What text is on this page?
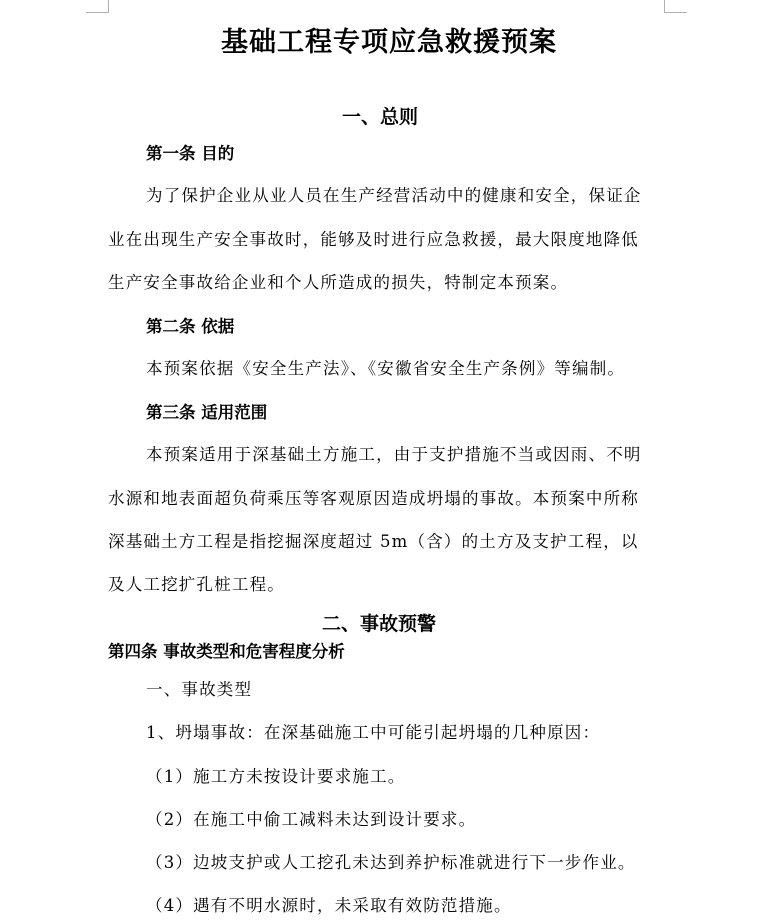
基础工程专项应急救援预案
一、总则
第一条 目的
为了保护企业从业人员在生产经营活动中的健康和安全，保证企
业在出现生产安全事故时，能够及时进行应急救援，最大限度地降低
生产安全事故给企业和个人所造成的损失，特制定本预案。
第二条 依据
本预案依据《安全生产法》、《安徽省安全生产条例》等编制。
第三条 适用范围
本预案适用于深基础土方施工，由于支护措施不当或因雨、不明
水源和地表面超负荷乘压等客观原因造成坍塌的事故。本预案中所称
深基础土方工程是指挖掘深度超过 5m（含）的土方及支护工程，以
及人工挖扩孔桩工程。
二、事故预警
第四条 事故类型和危害程度分析
一、事故类型
1、坍塌事故：在深基础施工中可能引起坍塌的几种原因：
（1）施工方未按设计要求施工。
（2）在施工中偷工减料未达到设计要求。
（3）边坡支护或人工挖孔未达到养护标准就进行下一步作业。
（4）遇有不明水源时，未采取有效防范措施。
